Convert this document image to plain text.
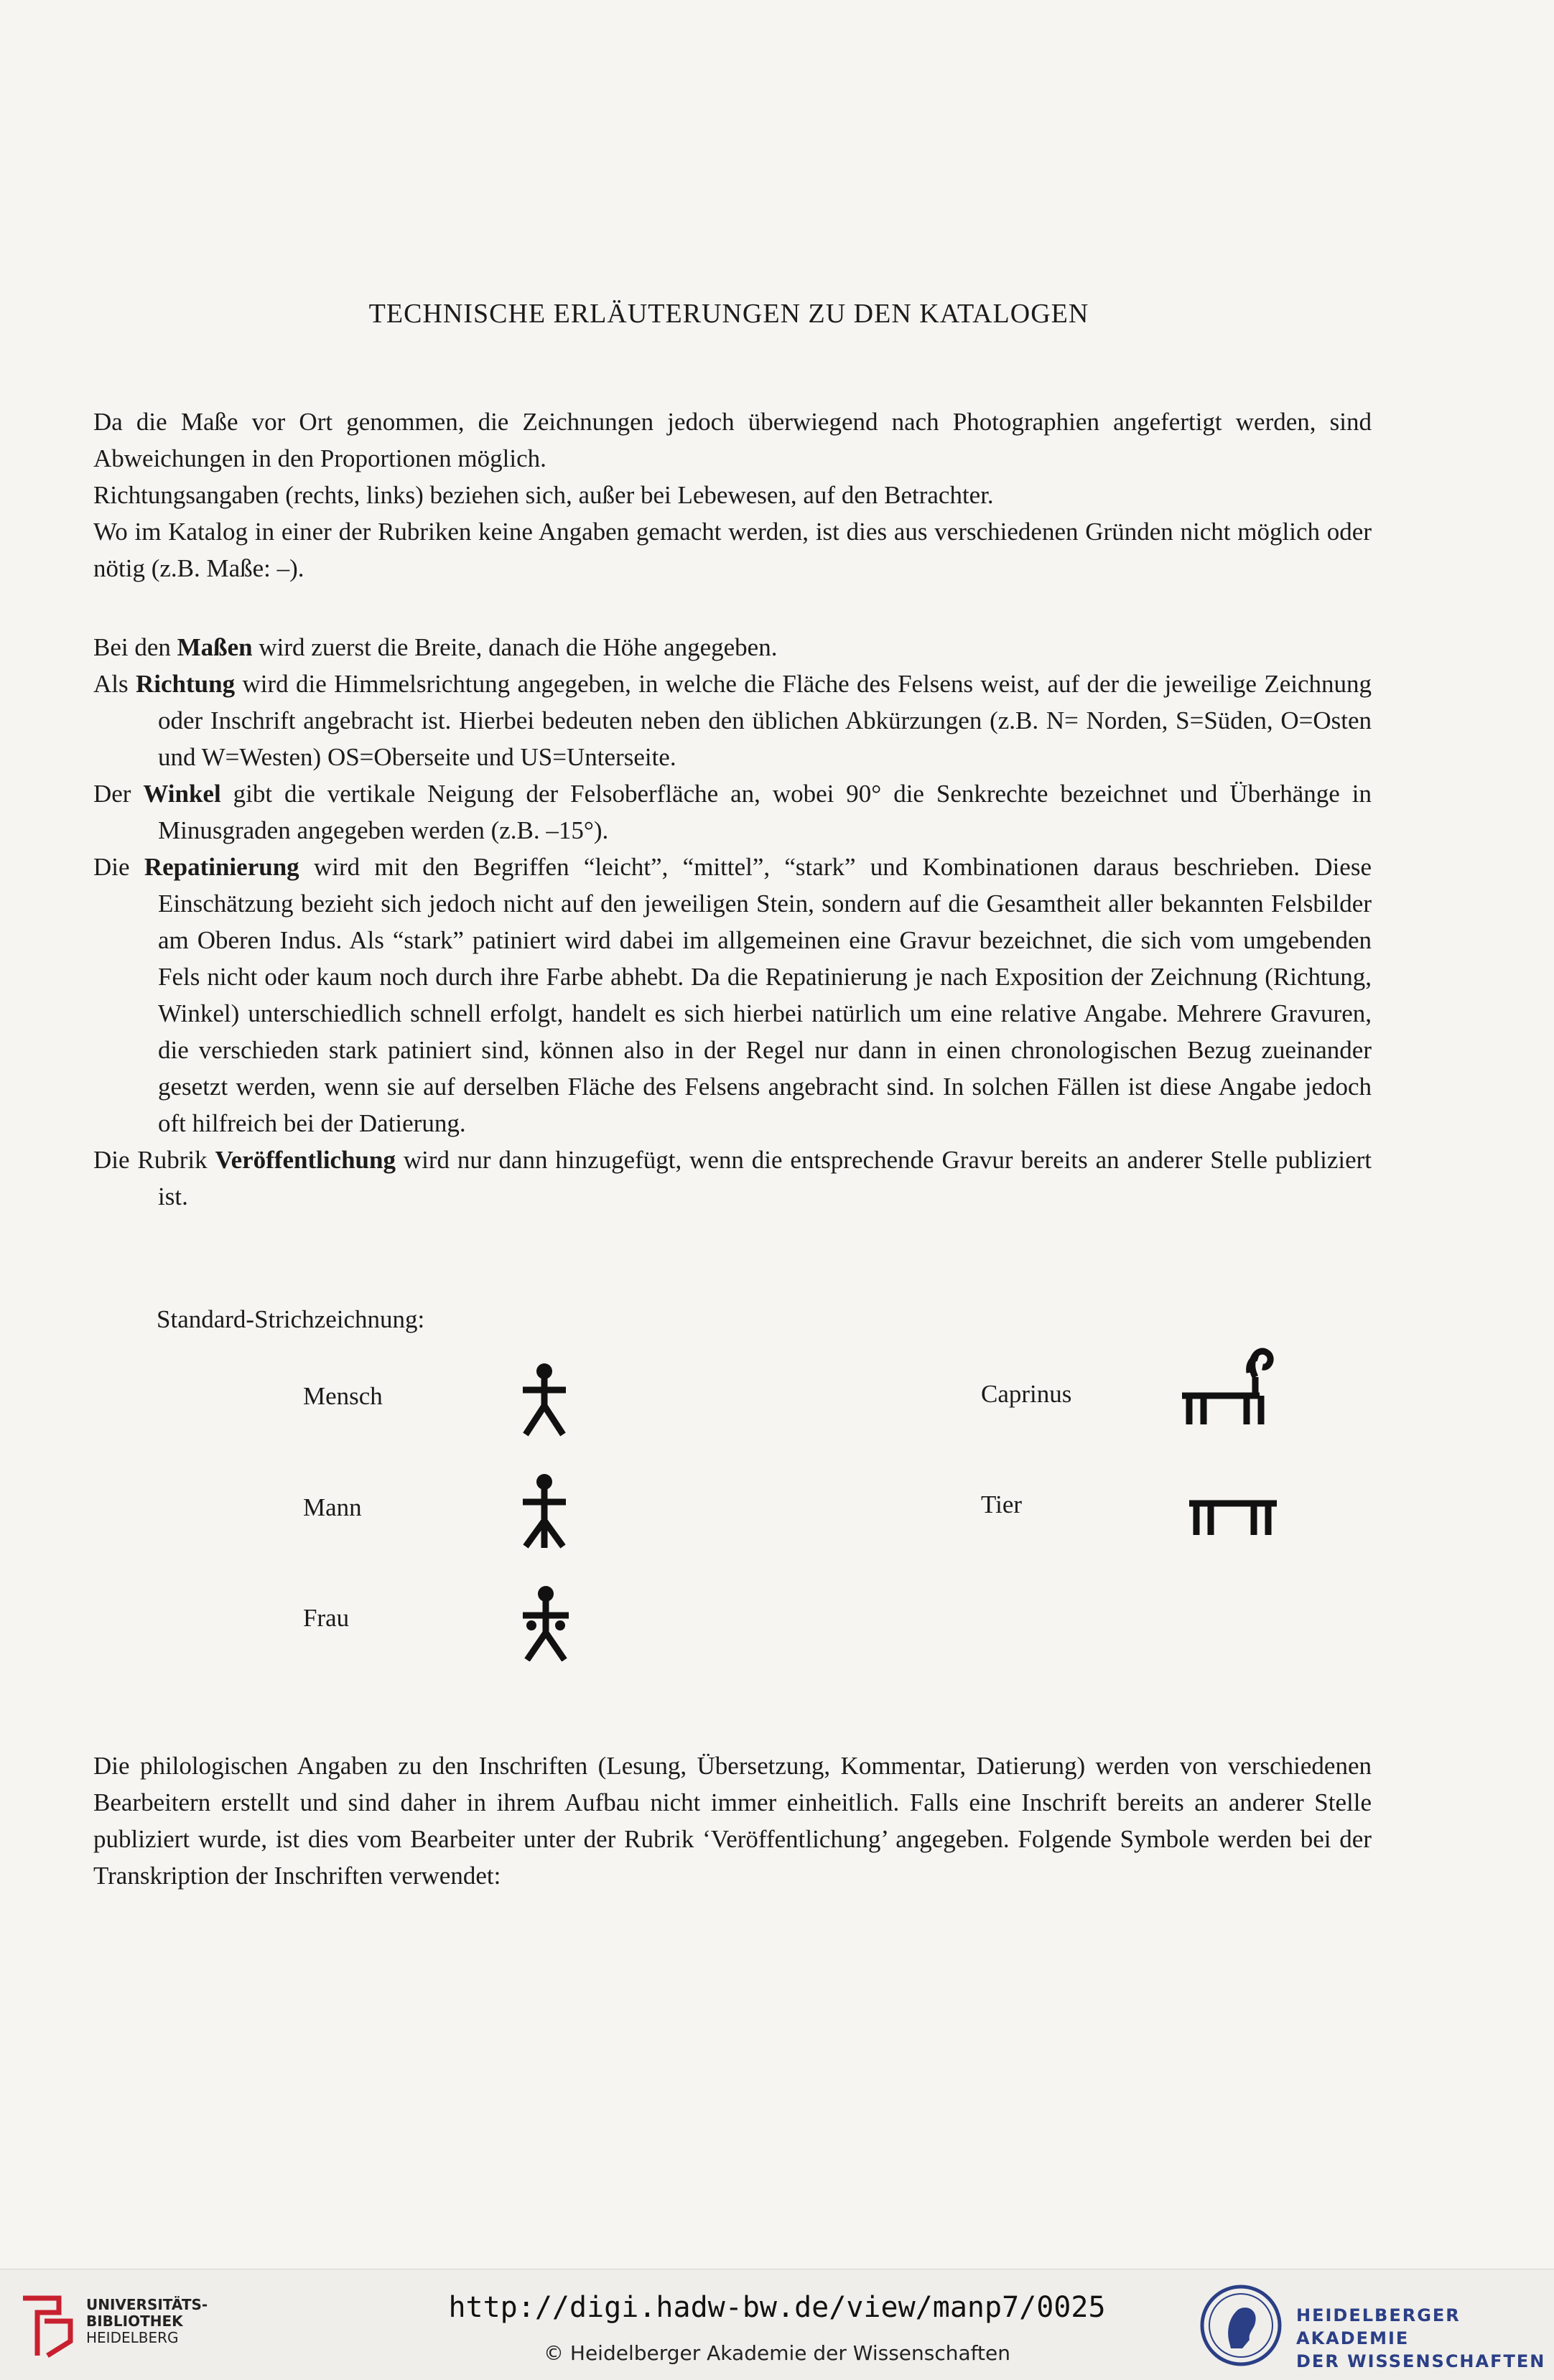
TECHNISCHE ERLÄUTERUNGEN ZU DEN KATALOGEN

Da die Maße vor Ort genommen, die Zeichnungen jedoch überwiegend nach Photographien angefertigt werden, sind Abweichungen in den Proportionen möglich.

Richtungsangaben (rechts, links) beziehen sich, außer bei Lebewesen, auf den Betrachter.

Wo im Katalog in einer der Rubriken keine Angaben gemacht werden, ist dies aus verschiedenen Gründen nicht möglich oder nötig (z.B. Maße: –).

Bei den Maßen wird zuerst die Breite, danach die Höhe angegeben.

Als Richtung wird die Himmelsrichtung angegeben, in welche die Fläche des Felsens weist, auf der die jeweilige Zeichnung oder Inschrift angebracht ist. Hierbei bedeuten neben den üblichen Abkürzungen (z.B. N= Norden, S=Süden, O=Osten und W=Westen) OS=Oberseite und US=Unterseite.

Der Winkel gibt die vertikale Neigung der Felsoberfläche an, wobei 90° die Senkrechte bezeichnet und Überhänge in Minusgraden angegeben werden (z.B. –15°).

Die Repatinierung wird mit den Begriffen “leicht”, “mittel”, “stark” und Kombinationen daraus beschrieben. Diese Einschätzung bezieht sich jedoch nicht auf den jeweiligen Stein, sondern auf die Gesamtheit aller bekannten Felsbilder am Oberen Indus. Als “stark” patiniert wird dabei im allgemeinen eine Gravur bezeichnet, die sich vom umgebenden Fels nicht oder kaum noch durch ihre Farbe abhebt. Da die Repatinierung je nach Exposition der Zeichnung (Richtung, Winkel) unterschiedlich schnell erfolgt, handelt es sich hierbei natürlich um eine relative Angabe. Mehrere Gravuren, die verschieden stark patiniert sind, können also in der Regel nur dann in einen chronologischen Bezug zueinander gesetzt werden, wenn sie auf derselben Fläche des Felsens angebracht sind. In solchen Fällen ist diese Angabe jedoch oft hilfreich bei der Datierung.

Die Rubrik Veröffentlichung wird nur dann hinzugefügt, wenn die entsprechende Gravur bereits an anderer Stelle publiziert ist.

Standard-Strichzeichnung:
Mensch
Mann
Frau
Caprinus
Tier

Die philologischen Angaben zu den Inschriften (Lesung, Übersetzung, Kommentar, Datierung) werden von verschiedenen Bearbeitern erstellt und sind daher in ihrem Aufbau nicht immer einheitlich. Falls eine Inschrift bereits an anderer Stelle publiziert wurde, ist dies vom Bearbeiter unter der Rubrik ‘Veröffentlichung’ angegeben. Folgende Symbole werden bei der Transkription der Inschriften verwendet:

UNIVERSITÄTS-
BIBLIOTHEK
HEIDELBERG
http://digi.hadw-bw.de/view/manp7/0025
© Heidelberger Akademie der Wissenschaften
HEIDELBERGER AKADEMIE
DER WISSENSCHAFTEN
